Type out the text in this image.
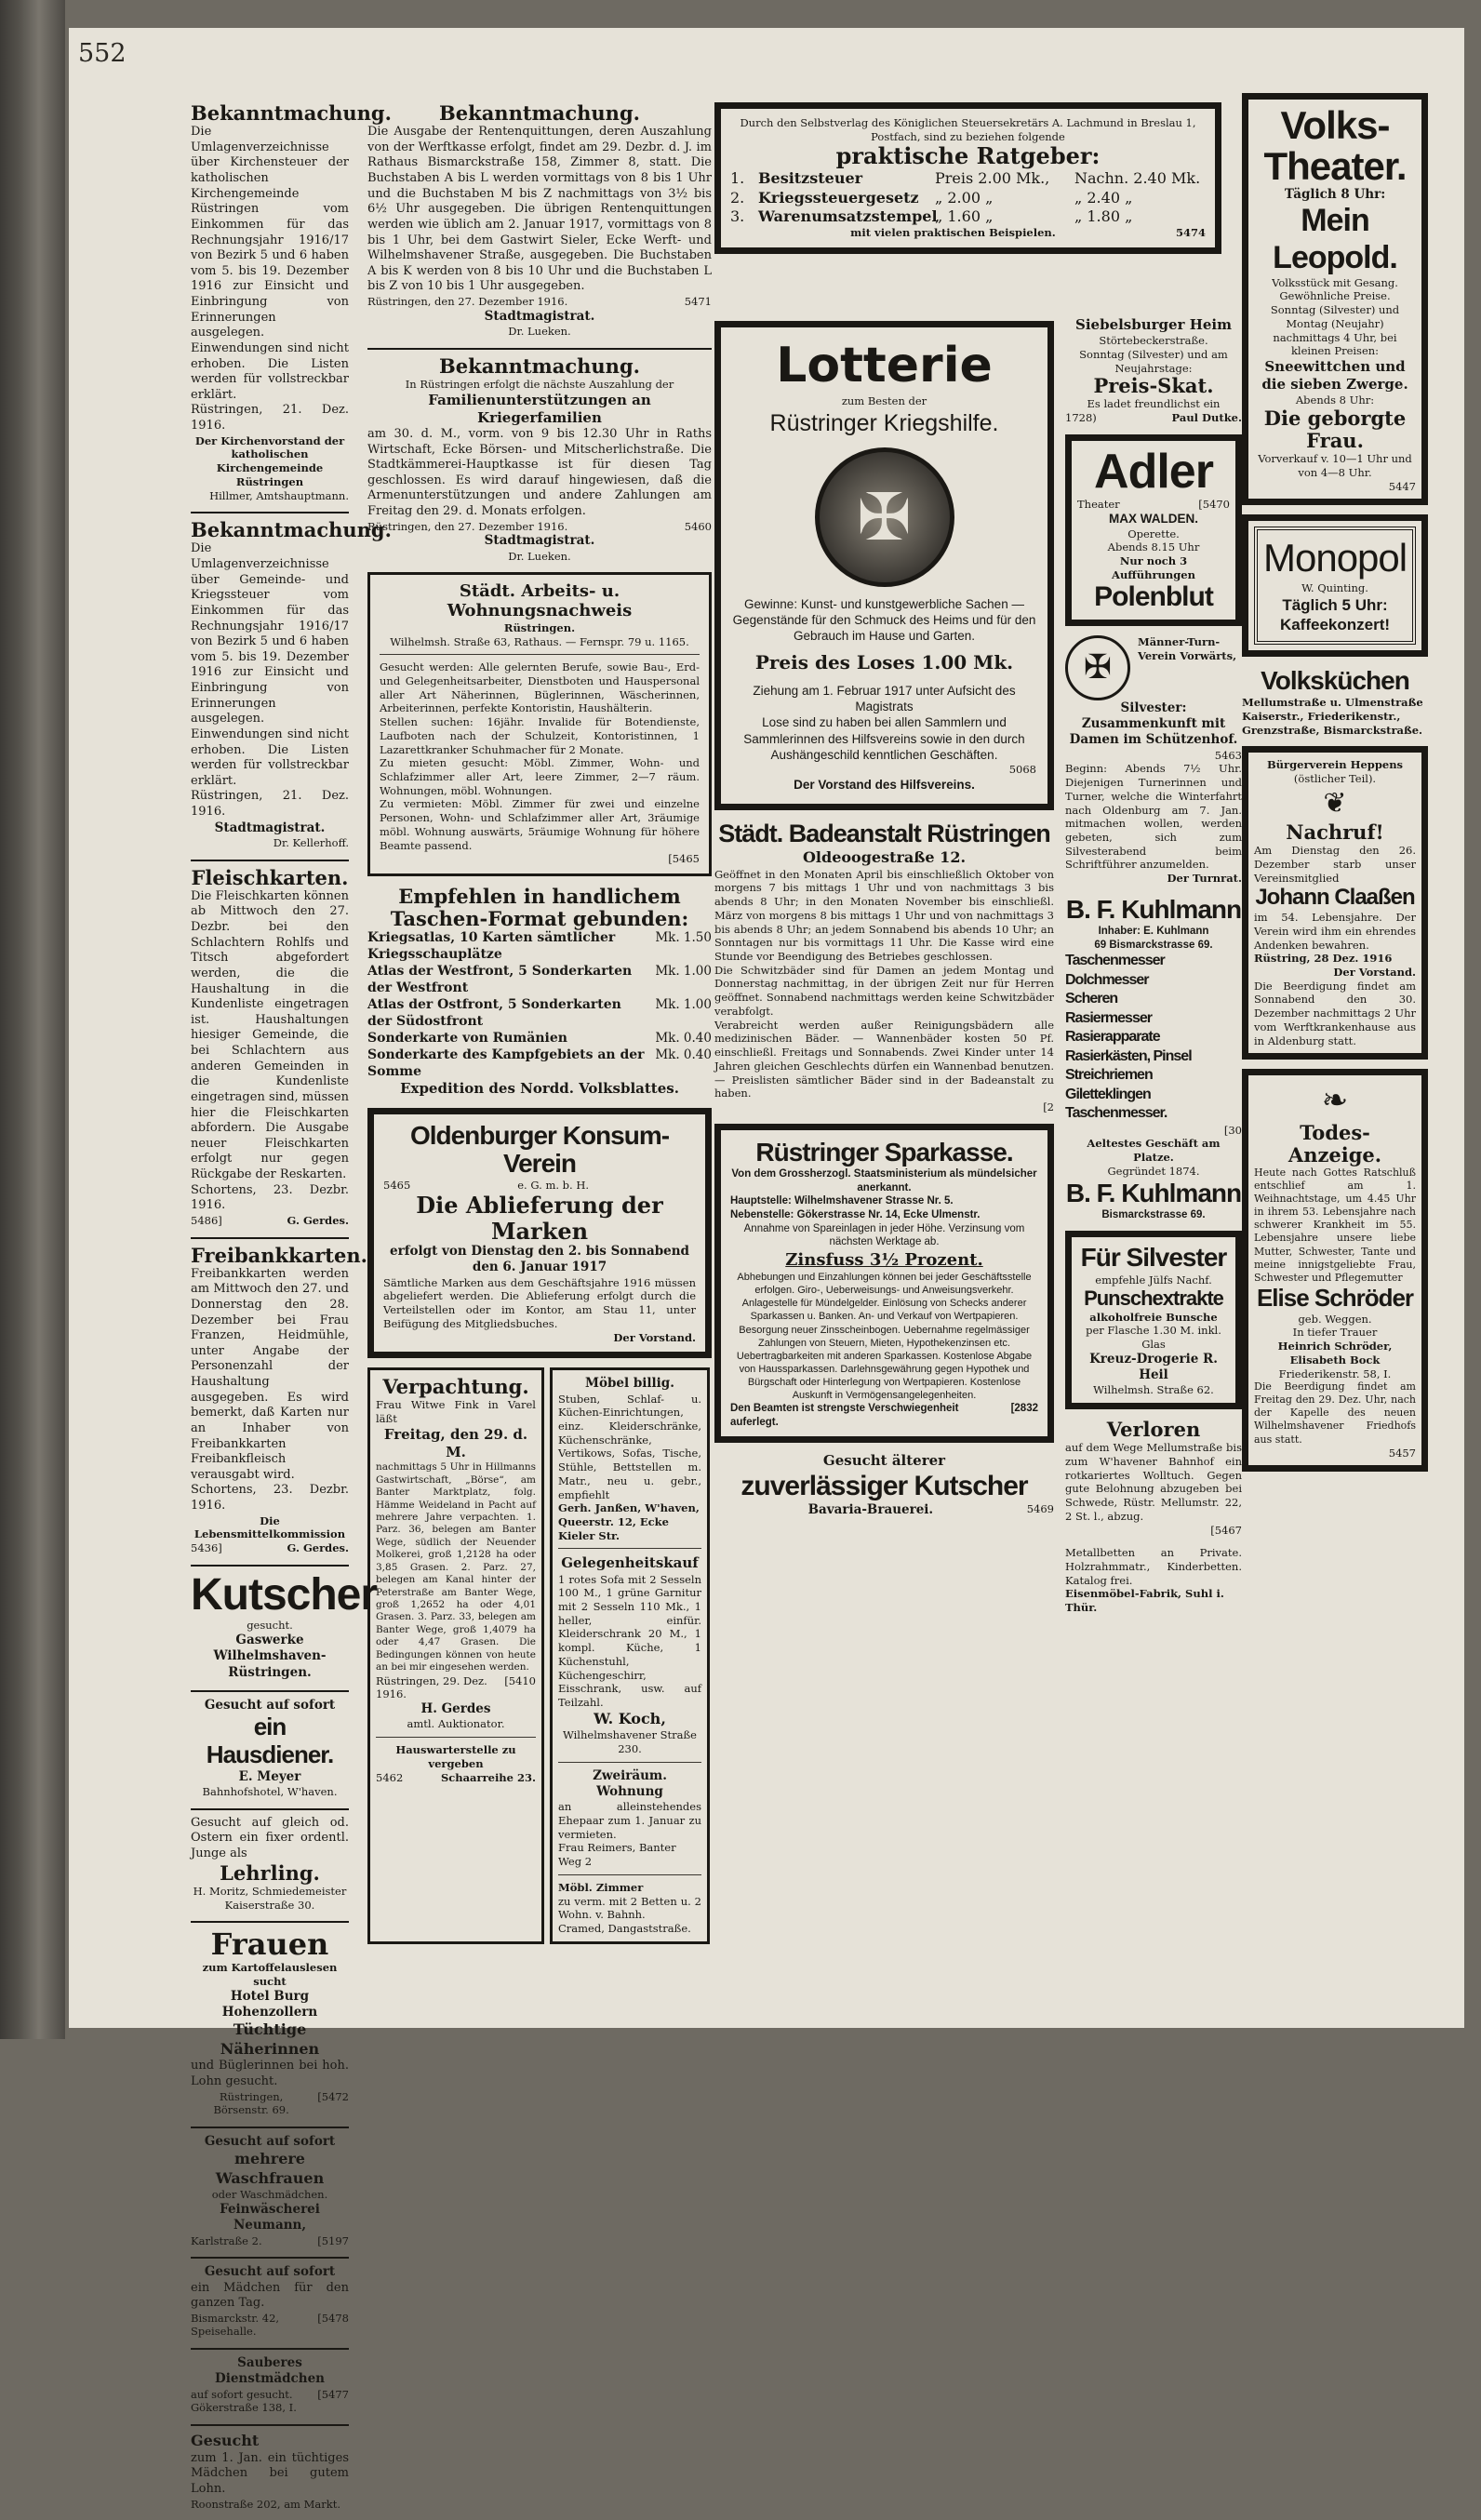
552
Bekanntmachung.
Die Umlagenverzeichnisse über Kirchensteuer der katholischen Kirchengemeinde Rüstringen vom Einkommen für das Rechnungsjahr 1916/17 von Bezirk 5 und 6 haben vom 5. bis 19. Dezember 1916 zur Einsicht und Einbringung von Erinnerungen ausgelegen. Einwendungen sind nicht erhoben. Die Listen werden für vollstreckbar erklärt.
Rüstringen, 21. Dez. 1916.
Der Kirchenvorstand der katholischen Kirchengemeinde Rüstringen
Hillmer, Amtshauptmann.
Bekanntmachung.
Die Umlagenverzeichnisse über Gemeinde- und Kriegssteuer vom Einkommen für das Rechnungsjahr 1916/17 von Bezirk 5 und 6 haben vom 5. bis 19. Dezember 1916 zur Einsicht und Einbringung von Erinnerungen ausgelegen. Einwendungen sind nicht erhoben. Die Listen werden für vollstreckbar erklärt.
Rüstringen, 21. Dez. 1916.
Stadtmagistrat.
Dr. Kellerhoff.
Fleischkarten.
Die Fleischkarten können ab Mittwoch den 27. Dezbr. bei den Schlachtern Rohlfs und Titsch abgefordert werden, die die Haushaltung in die Kundenliste eingetragen ist. Haushaltungen hiesiger Gemeinde, die bei Schlachtern aus anderen Gemeinden in die Kundenliste eingetragen sind, müssen hier die Fleischkarten abfordern. Die Ausgabe neuer Fleischkarten erfolgt nur gegen Rückgabe der Reskarten.
Schortens, 23. Dezbr. 1916.
5486]	G. Gerdes.
Freibankkarten.
Freibankkarten werden am Mittwoch den 27. und Donnerstag den 28. Dezember bei Frau Franzen, Heidmühle, unter Angabe der Personenzahl der Haushaltung ausgegeben. Es wird bemerkt, daß Karten nur an Inhaber von Freibankkarten Freibankfleisch verausgabt wird.
Schortens, 23. Dezbr. 1916.
Die Lebensmittelkommission
5436]	G. Gerdes.
Kutscher
gesucht.
Gaswerke Wilhelmshaven-Rüstringen.
Gesucht auf sofort
ein Hausdiener.
E. Meyer
Bahnhofshotel, W'haven.
Gesucht auf gleich od. Ostern ein fixer ordentl. Junge als
Lehrling.
H. Moritz, Schmiedemeister
Kaiserstraße 30.
Frauen
zum Kartoffelauslesen sucht
Hotel Burg Hohenzollern
Tüchtige Näherinnen
und Büglerinnen bei hoh. Lohn gesucht.
Rüstringen, Börsenstr. 69.
[5472
Gesucht auf sofort
mehrere Waschfrauen
oder Waschmädchen.
Feinwäscherei Neumann,
Karlstraße 2.	[5197
Gesucht auf sofort
ein Mädchen für den ganzen Tag.
Bismarckstr. 42, Speisehalle.
[5478
Sauberes Dienstmädchen
auf sofort gesucht. [5477
Gökerstraße 138, I.
Gesucht
zum 1. Jan. ein tüchtiges Mädchen bei gutem Lohn.
Roonstraße 202, am Markt.
Bekanntmachung.
Die Ausgabe der Rentenquittungen, deren Auszahlung von der Werftkasse erfolgt, findet am 29. Dezbr. d. J. im Rathaus Bismarckstraße 158, Zimmer 8, statt. Die Buchstaben A bis L werden vormittags von 8 bis 1 Uhr und die Buchstaben M bis Z nachmittags von 3½ bis 6½ Uhr ausgegeben. Die übrigen Rentenquittungen werden wie üblich am 2. Januar 1917, vormittags von 8 bis 1 Uhr, bei dem Gastwirt Sieler, Ecke Werft- und Wilhelmshavener Straße, ausgegeben. Die Buchstaben A bis K werden von 8 bis 10 Uhr und die Buchstaben L bis Z von 10 bis 1 Uhr ausgegeben.
Rüstringen, den 27. Dezember 1916.	5471
Stadtmagistrat.
Dr. Lueken.
Bekanntmachung.
In Rüstringen erfolgt die nächste Auszahlung der
Familienunterstützungen an Kriegerfamilien
am 30. d. M., vorm. von 9 bis 12.30 Uhr in Raths Wirtschaft, Ecke Börsen- und Mitscherlichstraße. Die Stadtkämmerei-Hauptkasse ist für diesen Tag geschlossen. Es wird darauf hingewiesen, daß die Armenunterstützungen und andere Zahlungen am Freitag den 29. d. Monats erfolgen.
Rüstringen, den 27. Dezember 1916.	5460
Stadtmagistrat.
Dr. Lueken.
Städt. Arbeits- u. Wohnungsnachweis
Rüstringen.
Wilhelmsh. Straße 63, Rathaus. — Fernspr. 79 u. 1165.
Gesucht werden: Alle gelernten Berufe, sowie Bau-, Erd- und Gelegenheitsarbeiter, Dienstboten und Hauspersonal aller Art Näherinnen, Büglerinnen, Wäscherinnen, Arbeiterinnen, perfekte Kontoristin, Haushälterin.
Stellen suchen: 16jähr. Invalide für Botendienste, Laufboten nach der Schulzeit, Kontoristinnen, 1 Lazarettkranker Schuhmacher für 2 Monate.
Zu mieten gesucht: Möbl. Zimmer, Wohn- und Schlafzimmer aller Art, leere Zimmer, 2—7 räum. Wohnungen, möbl. Wohnungen.
Zu vermieten: Möbl. Zimmer für zwei und einzelne Personen, Wohn- und Schlafzimmer aller Art, 3räumige möbl. Wohnung auswärts, 5räumige Wohnung für höhere Beamte passend.
[5465
Empfehlen in handlichem
Taschen-Format gebunden:
Kriegsatlas, 10 Karten sämtlicher Kriegsschauplätze
Mk. 1.50
Atlas der Westfront, 5 Sonderkarten der Westfront
Mk. 1.00
Atlas der Ostfront, 5 Sonderkarten der Südostfront
Mk. 1.00
Sonderkarte von Rumänien	Mk. 0.40
Sonderkarte des Kampfgebiets an der Somme
Mk. 0.40
Expedition des Nordd. Volksblattes.
Oldenburger Konsum-Verein
5465	e. G. m. b. H.
Die Ablieferung der Marken
erfolgt von Dienstag den 2. bis Sonnabend den 6. Januar 1917
Sämtliche Marken aus dem Geschäftsjahre 1916 müssen abgeliefert werden. Die Ablieferung erfolgt durch die Verteilstellen oder im Kontor, am Stau 11, unter Beifügung des Mitgliedsbuches.
Der Vorstand.
Verpachtung.
Frau Witwe Fink in Varel läßt
Freitag, den 29. d. M.
nachmittags 5 Uhr in Hillmanns Gastwirtschaft, „Börse“, am Banter Marktplatz, folg. Hämme Weideland in Pacht auf mehrere Jahre verpachten. 1. Parz. 36, belegen am Banter Wege, südlich der Neuender Molkerei, groß 1,2128 ha oder 3,85 Grasen. 2. Parz. 27, belegen am Kanal hinter der Peterstraße am Banter Wege, groß 1,2652 ha oder 4,01 Grasen. 3. Parz. 33, belegen am Banter Wege, groß 1,4079 ha oder 4,47 Grasen. Die Bedingungen können von heute an bei mir eingesehen werden.
Rüstringen, 29. Dez. 1916.
[5410
H. Gerdes
amtl. Auktionator.
Hauswarterstelle zu vergeben
5462	Schaarreihe 23.
Möbel billig.
Stuben, Schlaf- u. Küchen-Einrichtungen, einz. Kleiderschränke, Küchenschränke, Vertikows, Sofas, Tische, Stühle, Bettstellen m. Matr., neu u. gebr., empfiehlt
Gerh. Janßen, W'haven, Queerstr. 12, Ecke Kieler Str.
Gelegenheitskauf
1 rotes Sofa mit 2 Sesseln 100 M., 1 grüne Garnitur mit 2 Sesseln 110 Mk., 1 heller, einfür. Kleiderschrank 20 M., 1 kompl. Küche, 1 Küchenstuhl, Küchengeschirr, Eisschrank, usw. auf Teilzahl.
W. Koch,
Wilhelmshavener Straße 230.
Zweiräum. Wohnung
an alleinstehendes Ehepaar zum 1. Januar zu vermieten.
Frau Reimers, Banter Weg 2
Möbl. Zimmer
zu verm. mit 2 Betten u. 2 Wohn. v. Bahnh.
Cramed, Dangaststraße.
Durch den Selbstverlag des Königlichen Steuersekretärs A. Lachmund in Breslau 1, Postfach, sind zu beziehen folgende
praktische Ratgeber:
1. Besitzsteuer	Preis 2.00 Mk.,	Nachn. 2.40 Mk.
2. Kriegssteuergesetz	„ 2.00 „	„ 2.40 „
3. Warenumsatzstempel
„ 1.60 „	„ 1.80 „
mit vielen praktischen Beispielen.	5474
Lotterie
zum Besten der
Rüstringer Kriegshilfe.
✠
Gewinne: Kunst- und kunstgewerbliche Sachen — Gegenstände für den Schmuck des Heims und für den Gebrauch im Hause und Garten.
Preis des Loses 1.00 Mk.
Ziehung am 1. Februar 1917 unter Aufsicht des Magistrats
Lose sind zu haben bei allen Sammlern und Sammlerinnen des Hilfsvereins sowie in den durch Aushängeschild kenntlichen Geschäften.
5068
Der Vorstand des Hilfsvereins.
Städt. Badeanstalt Rüstringen
Oldeoogestraße 12.
Geöffnet in den Monaten April bis einschließlich Oktober von morgens 7 bis mittags 1 Uhr und von nachmittags 3 bis abends 8 Uhr; in den Monaten November bis einschließl. März von morgens 8 bis mittags 1 Uhr und von nachmittags 3 bis abends 8 Uhr; an jedem Sonnabend bis abends 10 Uhr; an Sonntagen nur bis vormittags 11 Uhr. Die Kasse wird eine Stunde vor Beendigung des Betriebes geschlossen.
Die Schwitzbäder sind für Damen an jedem Montag und Donnerstag nachmittag, in der übrigen Zeit nur für Herren geöffnet. Sonnabend nachmittags werden keine Schwitzbäder verabfolgt.
Verabreicht werden außer Reinigungsbädern alle medizinischen Bäder. — Wannenbäder kosten 50 Pf. einschließl. Freitags und Sonnabends. Zwei Kinder unter 14 Jahren gleichen Geschlechts dürfen ein Wannenbad benutzen. — Preislisten sämtlicher Bäder sind in der Badeanstalt zu haben.
[2
Rüstringer Sparkasse.
Von dem Grossherzogl. Staatsministerium als mündelsicher anerkannt.
Hauptstelle: Wilhelmshavener Strasse Nr. 5.
Nebenstelle: Gökerstrasse Nr. 14, Ecke Ulmenstr.
Annahme von Spareinlagen in jeder Höhe. Verzinsung vom nächsten Werktage ab.
Zinsfuss 3½ Prozent.
Abhebungen und Einzahlungen können bei jeder Geschäftsstelle erfolgen. Giro-, Ueberweisungs- und Anweisungsverkehr. Anlagestelle für Mündelgelder. Einlösung von Schecks anderer Sparkassen u. Banken. An- und Verkauf von Wertpapieren. Besorgung neuer Zinsscheinbogen. Uebernahme regelmässiger Zahlungen von Steuern, Mieten, Hypothekenzinsen etc. Uebertragbarkeiten mit anderen Sparkassen. Kostenlose Abgabe von Haussparkassen. Darlehnsgewährung gegen Hypothek und Bürgschaft oder Hinterlegung von Wertpapieren. Kostenlose Auskunft in Vermögensangelegenheiten.
Den Beamten ist strengste Verschwiegenheit auferlegt.
[2832
Gesucht älterer
zuverlässiger Kutscher
Bavaria-Brauerei.	5469
Siebelsburger Heim
Störtebeckerstraße.
Sonntag (Silvester) und am Neujahrstage:
Preis-Skat.
Es ladet freundlichst ein
1728)	Paul Dutke.
Adler
Theater	[5470
MAX WALDEN.
Operette.
Abends 8.15 Uhr
Nur noch 3 Aufführungen
Polenblut
✠
Männer-Turn-Verein Vorwärts,
Silvester:
Zusammenkunft mit Damen im Schützenhof.
5463
Beginn: Abends 7½ Uhr. Diejenigen Turnerinnen und Turner, welche die Winterfahrt nach Oldenburg am 7. Jan. mitmachen wollen, werden gebeten, sich zum Silvesterabend beim Schriftführer anzumelden.
Der Turnrat.
B. F. Kuhlmann
Inhaber: E. Kuhlmann
69 Bismarckstrasse 69.
Taschenmesser
Dolchmesser
Scheren
Rasiermesser
Rasierapparate
Rasierkästen, Pinsel
Streichriemen
Giletteklingen
Taschenmesser.
[30
Aeltestes Geschäft am Platze.
Gegründet 1874.
B. F. Kuhlmann
Bismarckstrasse 69.
Für Silvester
empfehle Jülfs Nachf.
Punschextrakte
alkoholfreie Bunsche
per Flasche 1.30 M. inkl. Glas
Kreuz-Drogerie R. Heil
Wilhelmsh. Straße 62.
Verloren
auf dem Wege Mellumstraße bis zum W'havener Bahnhof ein rotkariertes Wolltuch. Gegen gute Belohnung abzugeben bei Schwede, Rüstr. Mellumstr. 22, 2 St. l., abzug.
[5467
Metallbetten an Private. Holzrahmmatr., Kinderbetten. Katalog frei.
Eisenmöbel-Fabrik, Suhl i. Thür.
Volks-Theater.
Täglich 8 Uhr:
Mein Leopold.
Volksstück mit Gesang. Gewöhnliche Preise.
Sonntag (Silvester) und Montag (Neujahr) nachmittags 4 Uhr, bei kleinen Preisen:
Sneewittchen und die sieben Zwerge.
Abends 8 Uhr:
Die geborgte Frau.
Vorverkauf v. 10—1 Uhr und von 4—8 Uhr.
5447
Monopol
W. Quinting.
Täglich 5 Uhr:
Kaffeekonzert!
Volksküchen
Mellumstraße u. Ulmenstraße Kaiserstr., Friederikenstr., Grenzstraße, Bismarckstraße.
Bürgerverein Heppens
(östlicher Teil).
❦
Nachruf!
Am Dienstag den 26. Dezember starb unser Vereinsmitglied
Johann Claaßen
im 54. Lebensjahre. Der Verein wird ihm ein ehrendes Andenken bewahren.
Rüstring, 28 Dez. 1916
Der Vorstand.
Die Beerdigung findet am Sonnabend den 30. Dezember nachmittags 2 Uhr vom Werftkrankenhause aus in Aldenburg statt.
❧
Todes-Anzeige.
Heute nach Gottes Ratschluß entschlief am 1. Weihnachtstage, um 4.45 Uhr in ihrem 53. Lebensjahre nach schwerer Krankheit im 55. Lebensjahre unsere liebe Mutter, Schwester, Tante und meine innigstgeliebte Frau, Schwester und Pflegemutter
Elise Schröder
geb. Weggen.
In tiefer Trauer
Heinrich Schröder, Elisabeth Bock
Friederikenstr. 58, I.
Die Beerdigung findet am Freitag den 29. Dez. Uhr, nach der Kapelle des neuen Wilhelmshavener Friedhofs aus statt.
5457
